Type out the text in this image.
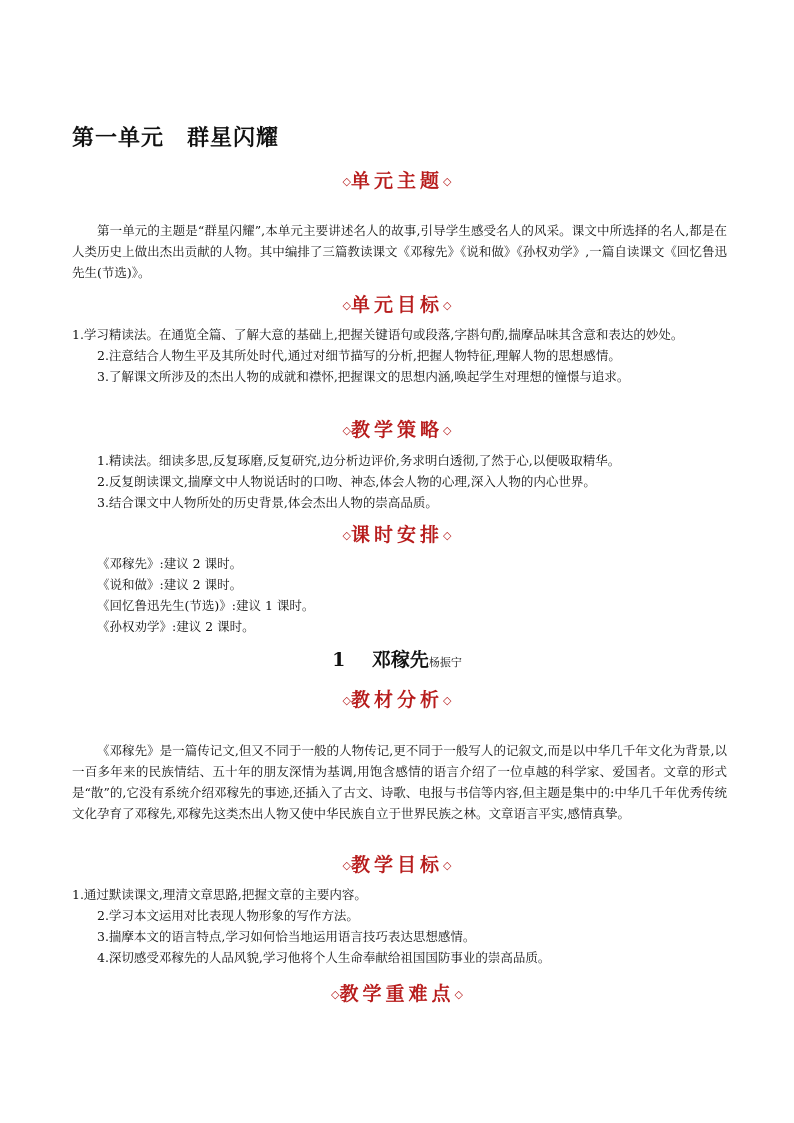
第一单元　群星闪耀
◇单元主题◇

第一单元的主题是“群星闪耀”,本单元主要讲述名人的故事,引导学生感受名人的风采。课文中所选择的名人,都是在人类历史上做出杰出贡献的人物。其中编排了三篇教读课文《邓稼先》《说和做》《孙权劝学》,一篇自读课文《回忆鲁迅先生(节选)》。

◇单元目标◇
1.学习精读法。在通览全篇、了解大意的基础上,把握关键语句或段落,字斟句酌,揣摩品味其含意和表达的妙处。
2.注意结合人物生平及其所处时代,通过对细节描写的分析,把握人物特征,理解人物的思想感情。
3.了解课文所涉及的杰出人物的成就和襟怀,把握课文的思想内涵,唤起学生对理想的憧憬与追求。
◇教学策略◇
1.精读法。细读多思,反复琢磨,反复研究,边分析边评价,务求明白透彻,了然于心,以便吸取精华。
2.反复朗读课文,揣摩文中人物说话时的口吻、神态,体会人物的心理,深入人物的内心世界。
3.结合课文中人物所处的历史背景,体会杰出人物的崇高品质。
◇课时安排◇
《邓稼先》:建议 2 课时。
《说和做》:建议 2 课时。
《回忆鲁迅先生(节选)》:建议 1 课时。
《孙权劝学》:建议 2 课时。
1 邓稼先杨振宁
◇教材分析◇

《邓稼先》是一篇传记文,但又不同于一般的人物传记,更不同于一般写人的记叙文,而是以中华几千年文化为背景,以一百多年来的民族情结、五十年的朋友深情为基调,用饱含感情的语言介绍了一位卓越的科学家、爱国者。文章的形式是“散”的,它没有系统介绍邓稼先的事迹,还插入了古文、诗歌、电报与书信等内容,但主题是集中的:中华几千年优秀传统文化孕育了邓稼先,邓稼先这类杰出人物又使中华民族自立于世界民族之林。文章语言平实,感情真挚。

◇教学目标◇
1.通过默读课文,理清文章思路,把握文章的主要内容。
2.学习本文运用对比表现人物形象的写作方法。
3.揣摩本文的语言特点,学习如何恰当地运用语言技巧表达思想感情。
4.深切感受邓稼先的人品风貌,学习他将个人生命奉献给祖国国防事业的崇高品质。
◇教学重难点◇
